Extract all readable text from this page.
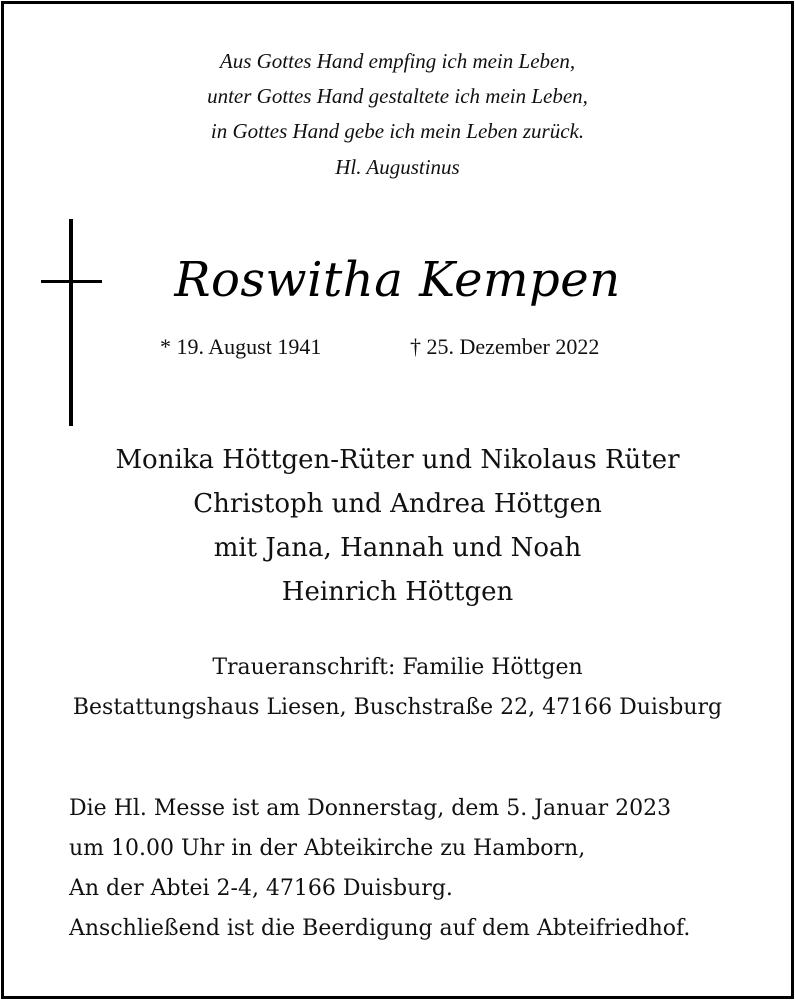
Aus Gottes Hand empfing ich mein Leben,
unter Gottes Hand gestaltete ich mein Leben,
in Gottes Hand gebe ich mein Leben zurück.
Hl. Augustinus
Roswitha Kempen
* 19. August 1941	† 25. Dezember 2022
Monika Höttgen-Rüter und Nikolaus Rüter
Christoph und Andrea Höttgen
mit Jana, Hannah und Noah
Heinrich Höttgen
Traueranschrift: Familie Höttgen
Bestattungshaus Liesen, Buschstraße 22, 47166 Duisburg
Die Hl. Messe ist am Donnerstag, dem 5. Januar 2023
um 10.00 Uhr in der Abteikirche zu Hamborn,
An der Abtei 2-4, 47166 Duisburg.
Anschließend ist die Beerdigung auf dem Abteifriedhof.
